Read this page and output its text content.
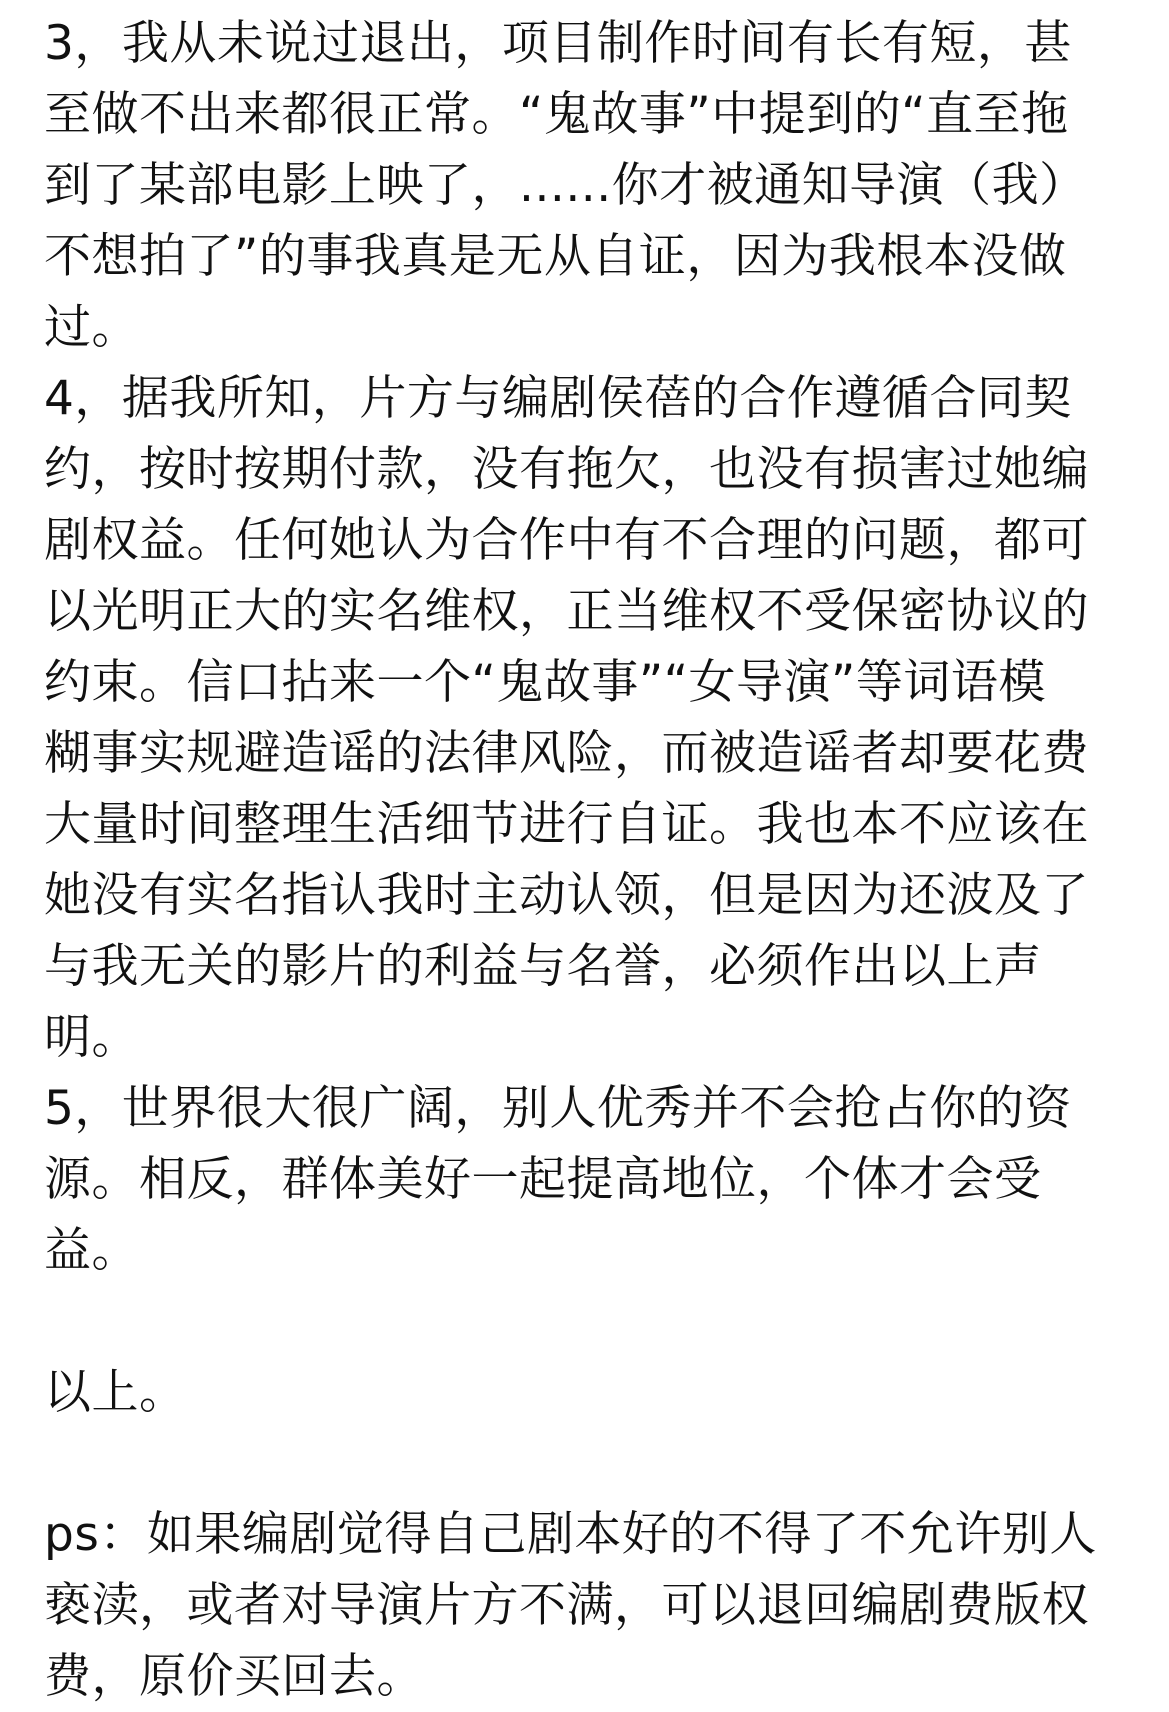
3，我从未说过退出，项目制作时间有长有短，甚
至做不出来都很正常。“鬼故事”中提到的“直至拖
到了某部电影上映了，......你才被通知导演（我）
不想拍了”的事我真是无从自证，因为我根本没做
过。
4，据我所知，片方与编剧侯蓓的合作遵循合同契
约，按时按期付款，没有拖欠，也没有损害过她编
剧权益。任何她认为合作中有不合理的问题，都可
以光明正大的实名维权，正当维权不受保密协议的
约束。信口拈来一个“鬼故事”“女导演”等词语模
糊事实规避造谣的法律风险，而被造谣者却要花费
大量时间整理生活细节进行自证。我也本不应该在
她没有实名指认我时主动认领，但是因为还波及了
与我无关的影片的利益与名誉，必须作出以上声
明。
5，世界很大很广阔，别人优秀并不会抢占你的资
源。相反，群体美好一起提高地位，个体才会受
益。
以上。
ps：如果编剧觉得自己剧本好的不得了不允许别人
亵渎，或者对导演片方不满，可以退回编剧费版权
费，原价买回去。
